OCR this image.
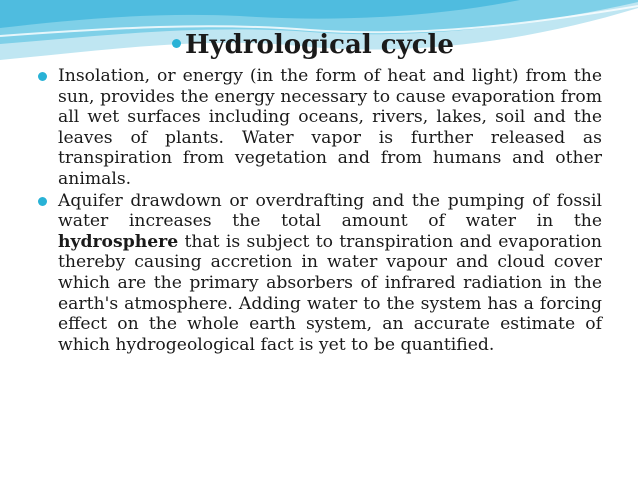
Hydrological cycle
Insolation, or energy (in the form of heat and light) from the sun, provides the energy necessary to cause evaporation from all wet surfaces including oceans, rivers, lakes, soil and the leaves of plants. Water vapor is further released as transpiration from vegetation and from humans and other animals.
Aquifer drawdown or overdrafting and the pumping of fossil water increases the total amount of water in the hydrosphere that is subject to transpiration and evaporation thereby causing accretion in water vapour and cloud cover which are the primary absorbers of infrared radiation in the earth's atmosphere. Adding water to the system has a forcing effect on the whole earth system, an accurate estimate of which hydrogeological fact is yet to be quantified.
